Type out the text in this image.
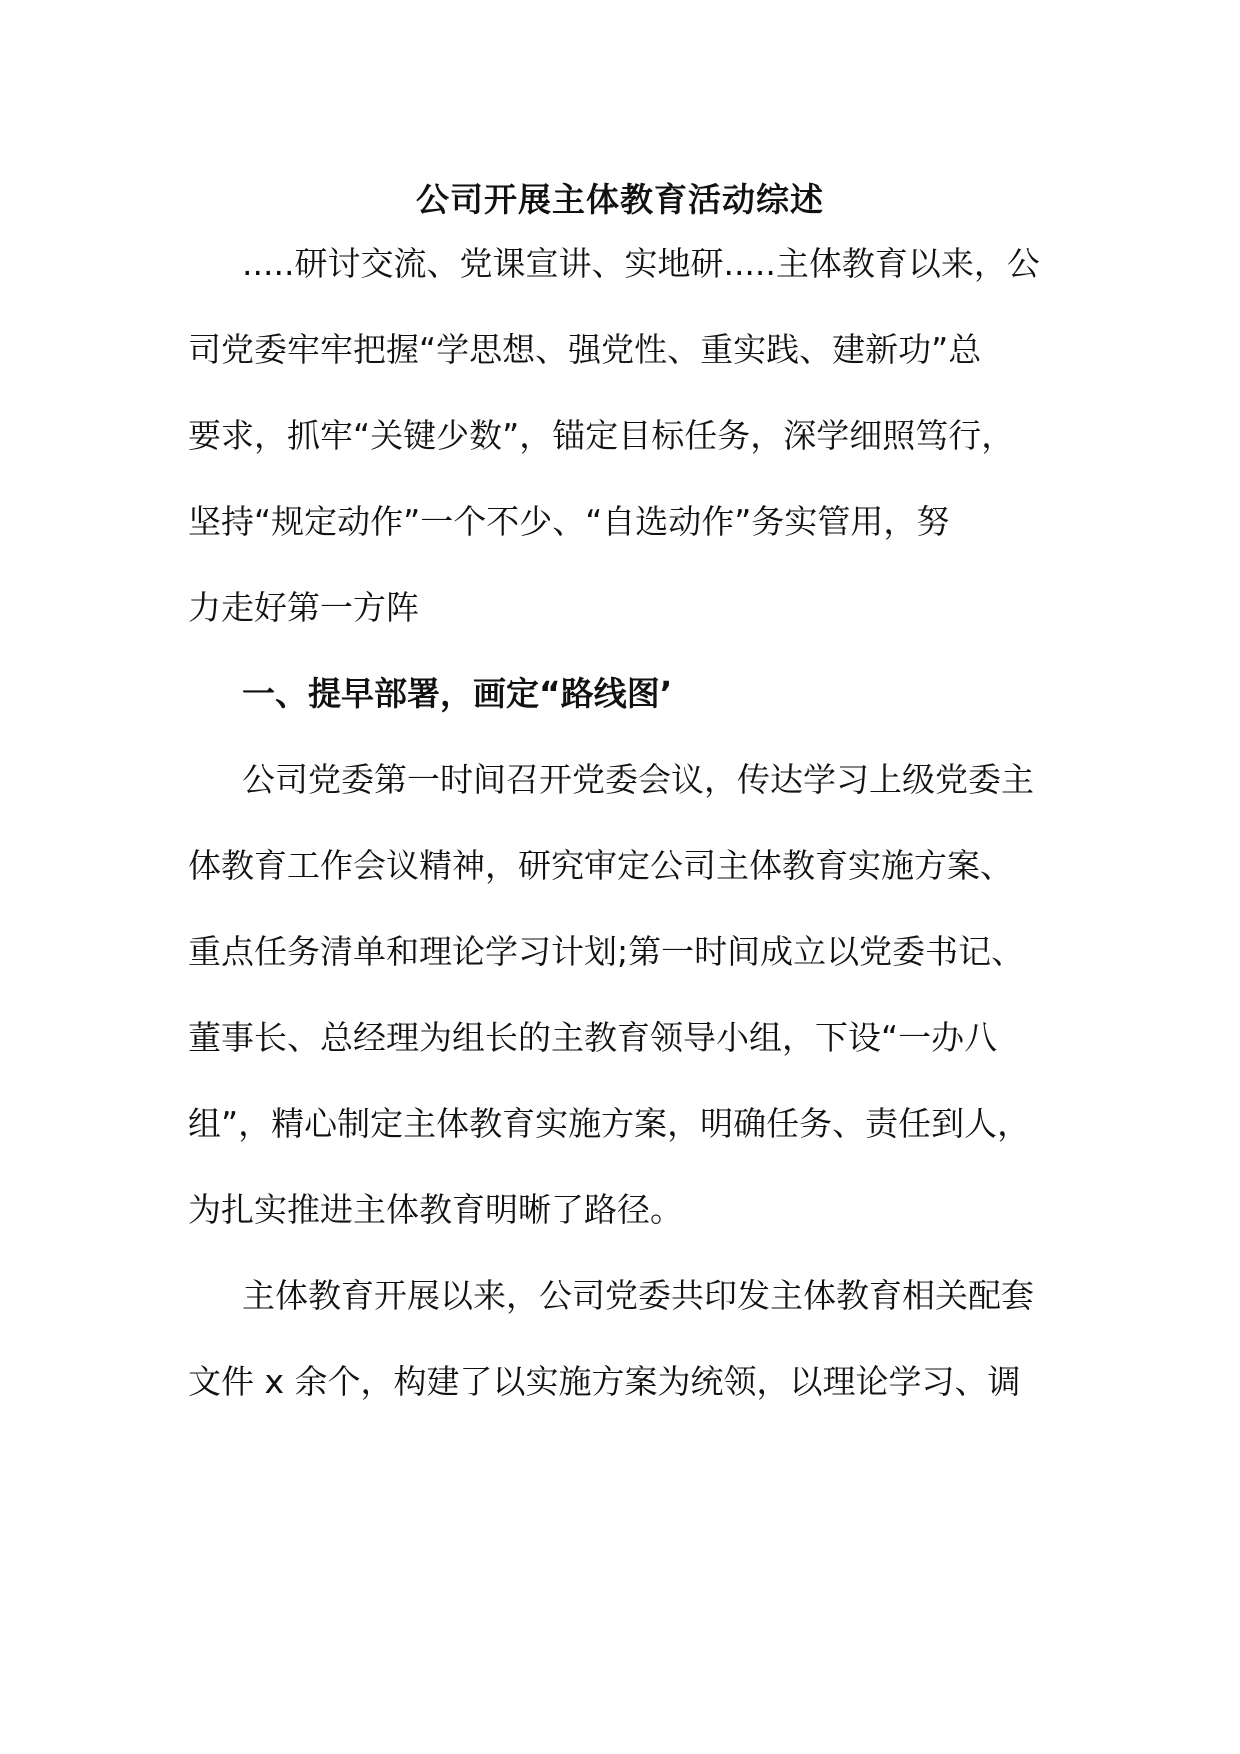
公司开展主体教育活动综述
.....研讨交流、党课宣讲、实地研.....主体教育以来，公
司党委牢牢把握“学思想、强党性、重实践、建新功”总
要求，抓牢“关键少数”，锚定目标任务，深学细照笃行，
坚持“规定动作”一个不少、“自选动作”务实管用，努
力走好第一方阵
一、提早部署，画定“路线图’
公司党委第一时间召开党委会议，传达学习上级党委主
体教育工作会议精神，研究审定公司主体教育实施方案、
重点任务清单和理论学习计划;第一时间成立以党委书记、
董事长、总经理为组长的主教育领导小组，下设“一办八
组”，精心制定主体教育实施方案，明确任务、责任到人，
为扎实推进主体教育明晰了路径。
主体教育开展以来，公司党委共印发主体教育相关配套
文件 x 余个，构建了以实施方案为统领，以理论学习、调
